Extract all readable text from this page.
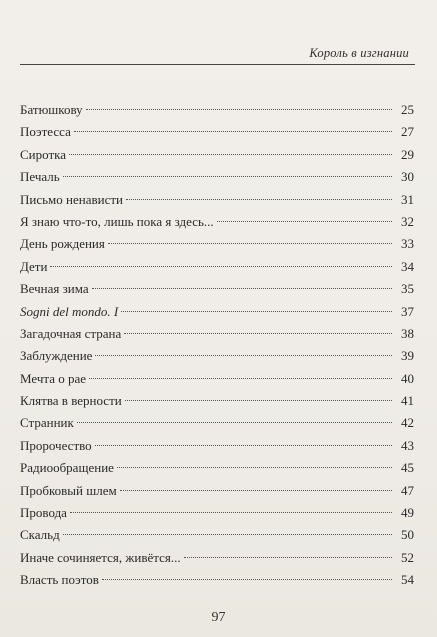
Король в изгнании
Батюшкову	25
Поэтесса	27
Сиротка	29
Печаль	30
Письмо ненависти	31
Я знаю что-то, лишь пока я здесь...	32
День рождения	33
Дети	34
Вечная зима	35
Sogni del mondo. I	37
Загадочная страна	38
Заблуждение	39
Мечта о рае	40
Клятва в верности	41
Странник	42
Пророчество	43
Радиообращение	45
Пробковый шлем	47
Провода	49
Скальд	50
Иначе сочиняется, живётся...	52
Власть поэтов	54
97
